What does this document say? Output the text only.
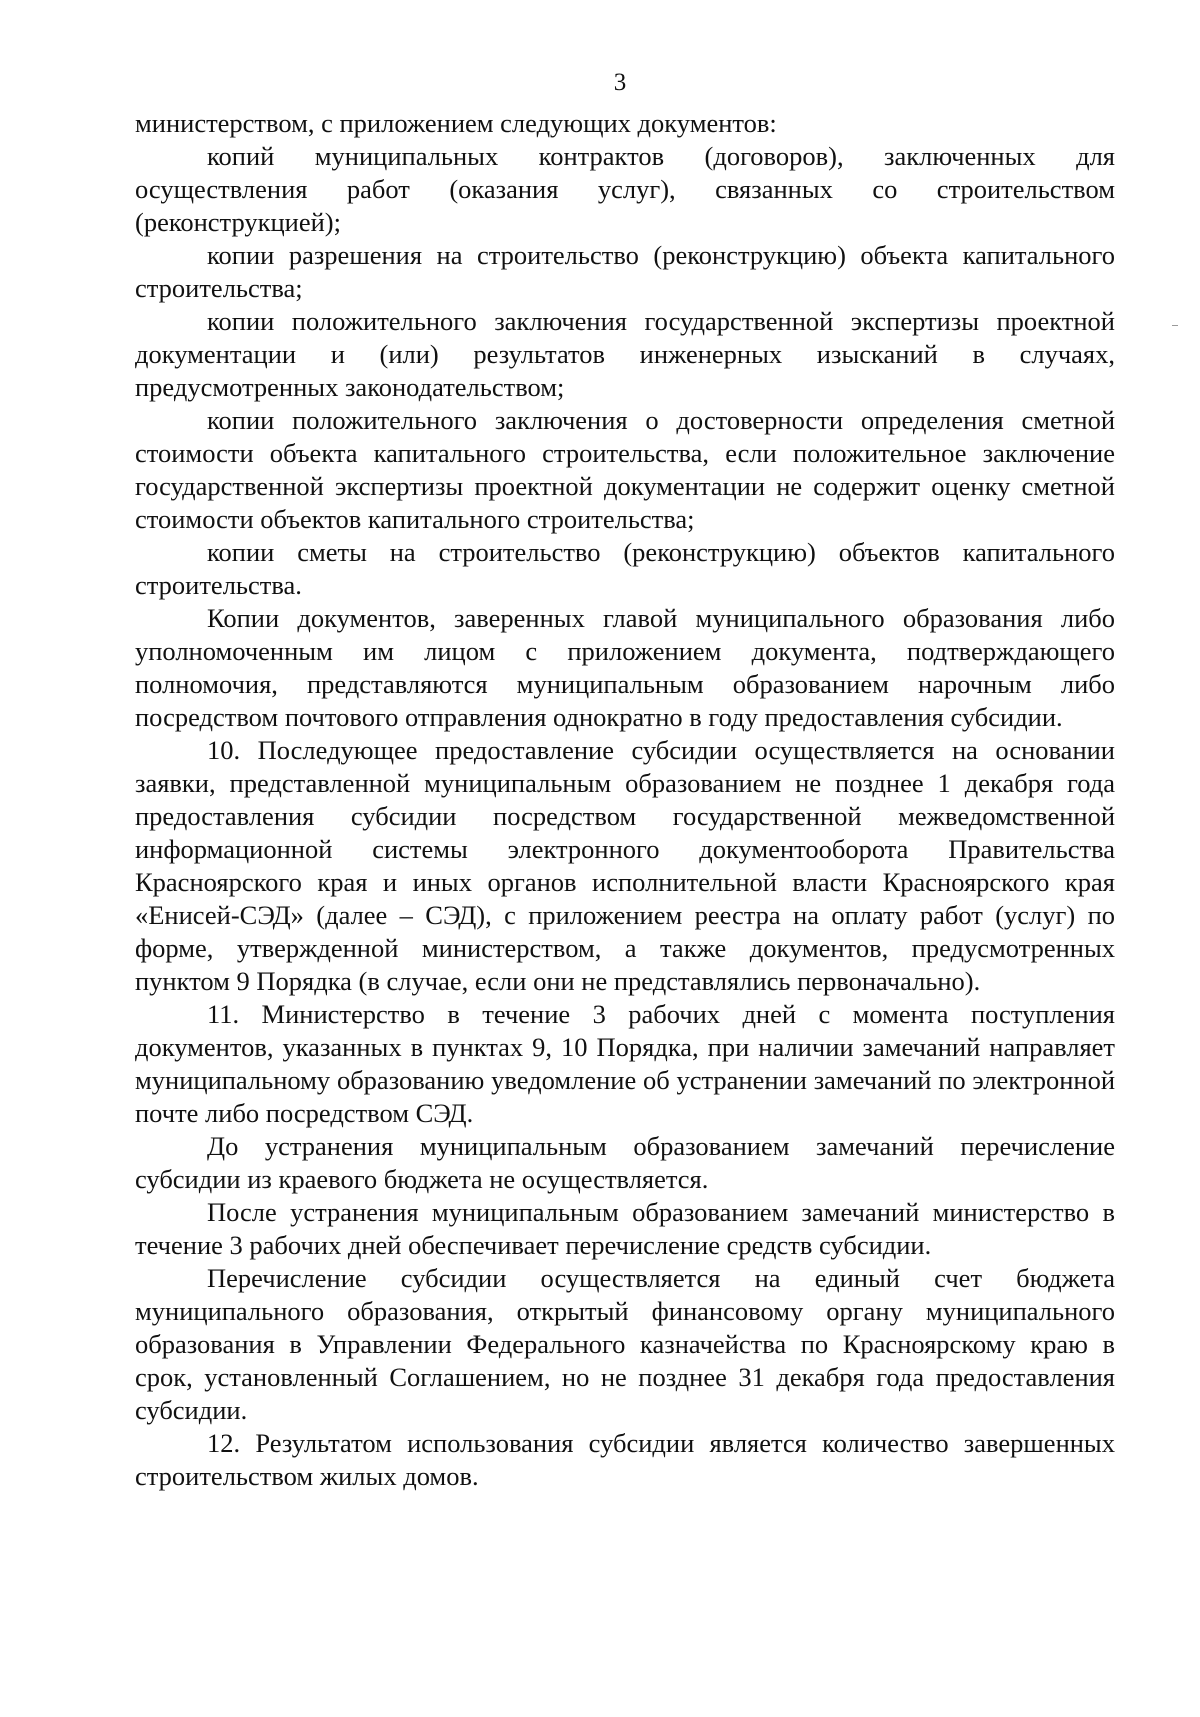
3

министерством, с приложением следующих документов:

копий муниципальных контрактов (договоров), заключенных для осуществления работ (оказания услуг), связанных со строительством (реконструкцией);

копии разрешения на строительство (реконструкцию) объекта капитального строительства;

копии положительного заключения государственной экспертизы проектной документации и (или) результатов инженерных изысканий в случаях, предусмотренных законодательством;

копии положительного заключения о достоверности определения сметной стоимости объекта капитального строительства, если положительное заключение государственной экспертизы проектной документации не содержит оценку сметной стоимости объектов капитального строительства;

копии сметы на строительство (реконструкцию) объектов капитального строительства.

Копии документов, заверенных главой муниципального образования либо уполномоченным им лицом с приложением документа, подтверждающего полномочия, представляются муниципальным образованием нарочным либо посредством почтового отправления однократно в году предоставления субсидии.

10. Последующее предоставление субсидии осуществляется на основании заявки, представленной муниципальным образованием не позднее 1 декабря года предоставления субсидии посредством государственной межведомственной информационной системы электронного документооборота Правительства Красноярского края и иных органов исполнительной власти Красноярского края «Енисей-СЭД» (далее – СЭД), с приложением реестра на оплату работ (услуг) по форме, утвержденной министерством, а также документов, предусмотренных пунктом 9 Порядка (в случае, если они не представлялись первоначально).

11. Министерство в течение 3 рабочих дней с момента поступления документов, указанных в пунктах 9, 10 Порядка, при наличии замечаний направляет муниципальному образованию уведомление об устранении замечаний по электронной почте либо посредством СЭД.

До устранения муниципальным образованием замечаний перечисление субсидии из краевого бюджета не осуществляется.

После устранения муниципальным образованием замечаний министерство в течение 3 рабочих дней обеспечивает перечисление средств субсидии.

Перечисление субсидии осуществляется на единый счет бюджета муниципального образования, открытый финансовому органу муниципального образования в Управлении Федерального казначейства по Красноярскому краю в срок, установленный Соглашением, но не позднее 31 декабря года предоставления субсидии.

12. Результатом использования субсидии является количество завершенных строительством жилых домов.
